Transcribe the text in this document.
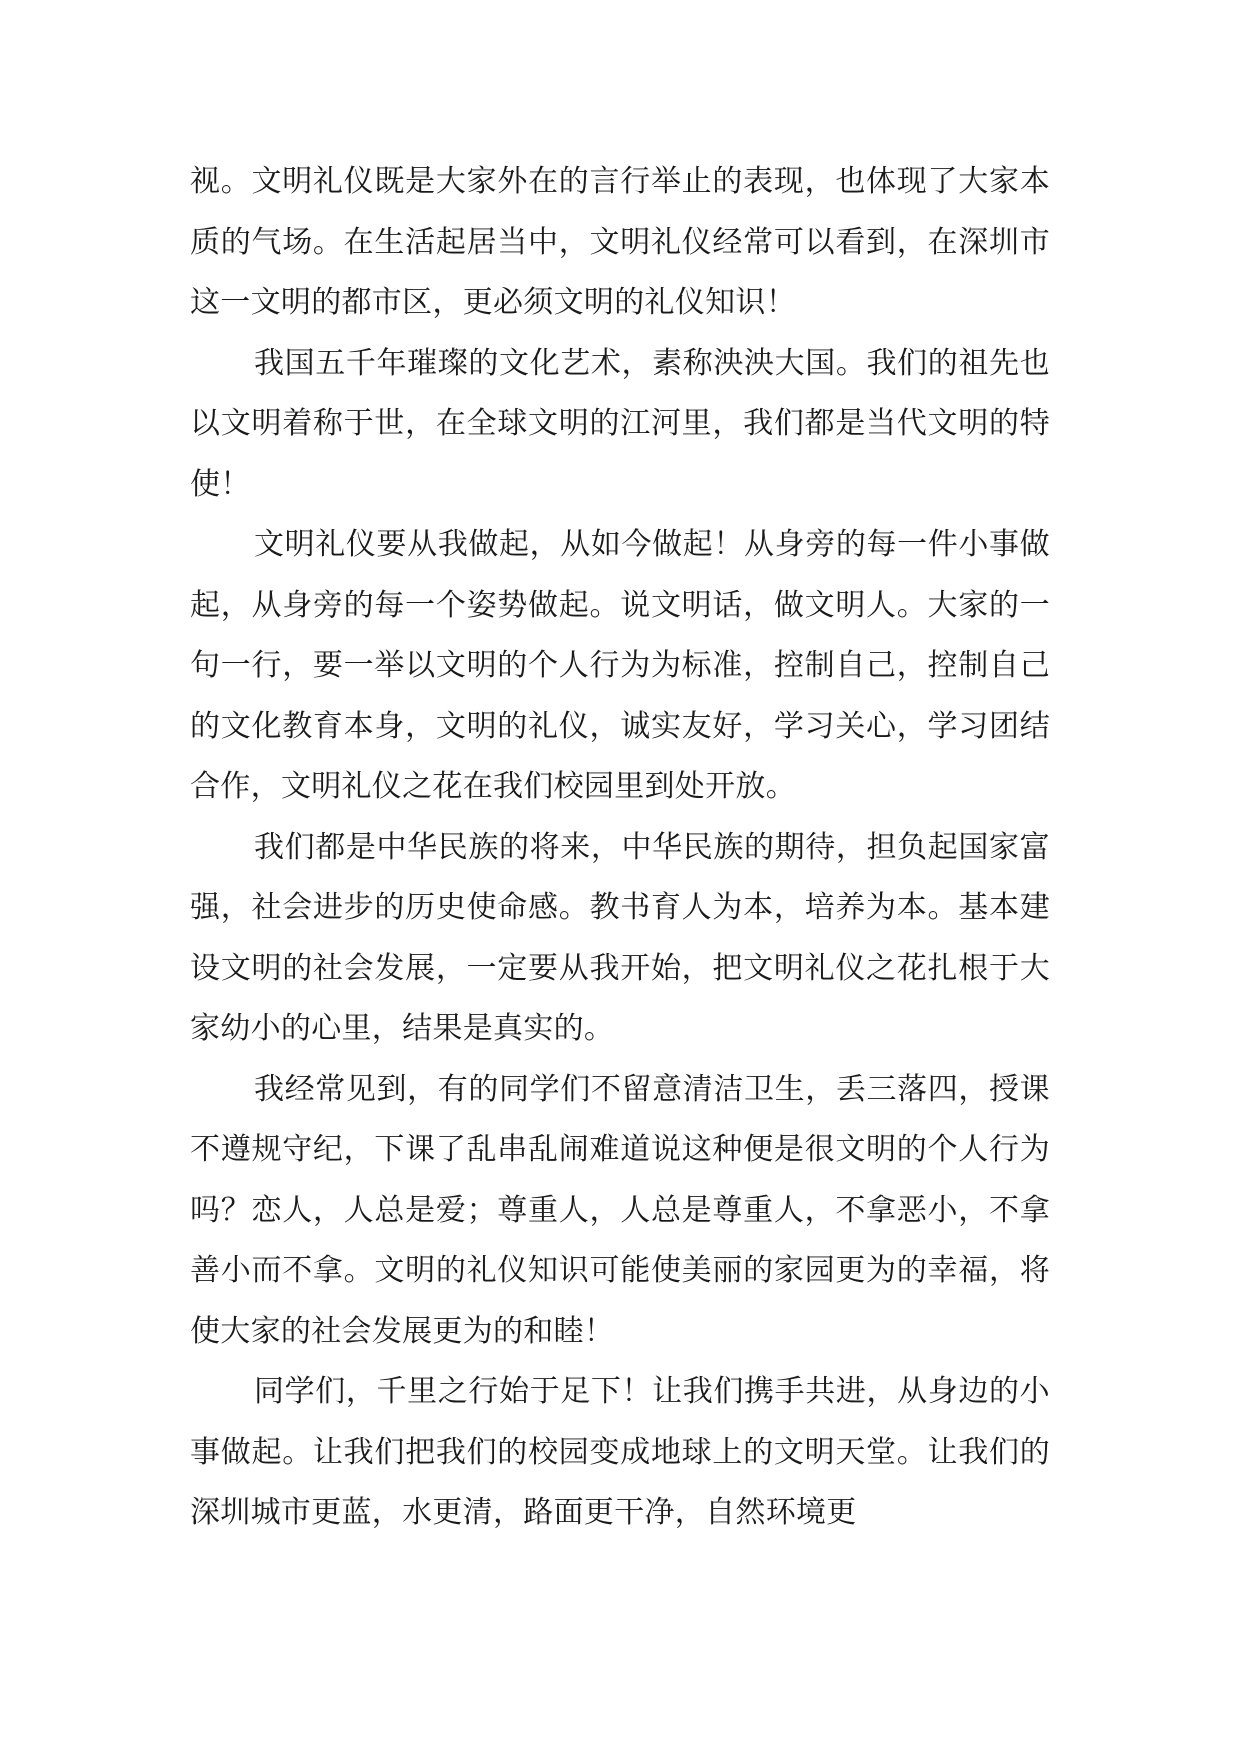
视。文明礼仪既是大家外在的言行举止的表现，也体现了大家本质的气场。在生活起居当中，文明礼仪经常可以看到，在深圳市这一文明的都市区，更必须文明的礼仪知识！

我国五千年璀璨的文化艺术，素称泱泱大国。我们的祖先也以文明着称于世，在全球文明的江河里，我们都是当代文明的特使！

文明礼仪要从我做起，从如今做起！从身旁的每一件小事做起，从身旁的每一个姿势做起。说文明话，做文明人。大家的一句一行，要一举以文明的个人行为为标准，控制自己，控制自己的文化教育本身，文明的礼仪，诚实友好，学习关心，学习团结合作，文明礼仪之花在我们校园里到处开放。

我们都是中华民族的将来，中华民族的期待，担负起国家富强，社会进步的历史使命感。教书育人为本，培养为本。基本建设文明的社会发展，一定要从我开始，把文明礼仪之花扎根于大家幼小的心里，结果是真实的。

我经常见到，有的同学们不留意清洁卫生，丢三落四，授课不遵规守纪，下课了乱串乱闹难道说这种便是很文明的个人行为吗？恋人，人总是爱；尊重人，人总是尊重人，不拿恶小，不拿善小而不拿。文明的礼仪知识可能使美丽的家园更为的幸福，将使大家的社会发展更为的和睦！

同学们，千里之行始于足下！让我们携手共进，从身边的小事做起。让我们把我们的校园变成地球上的文明天堂。让我们的深圳城市更蓝，水更清，路面更干净，自然环境更
